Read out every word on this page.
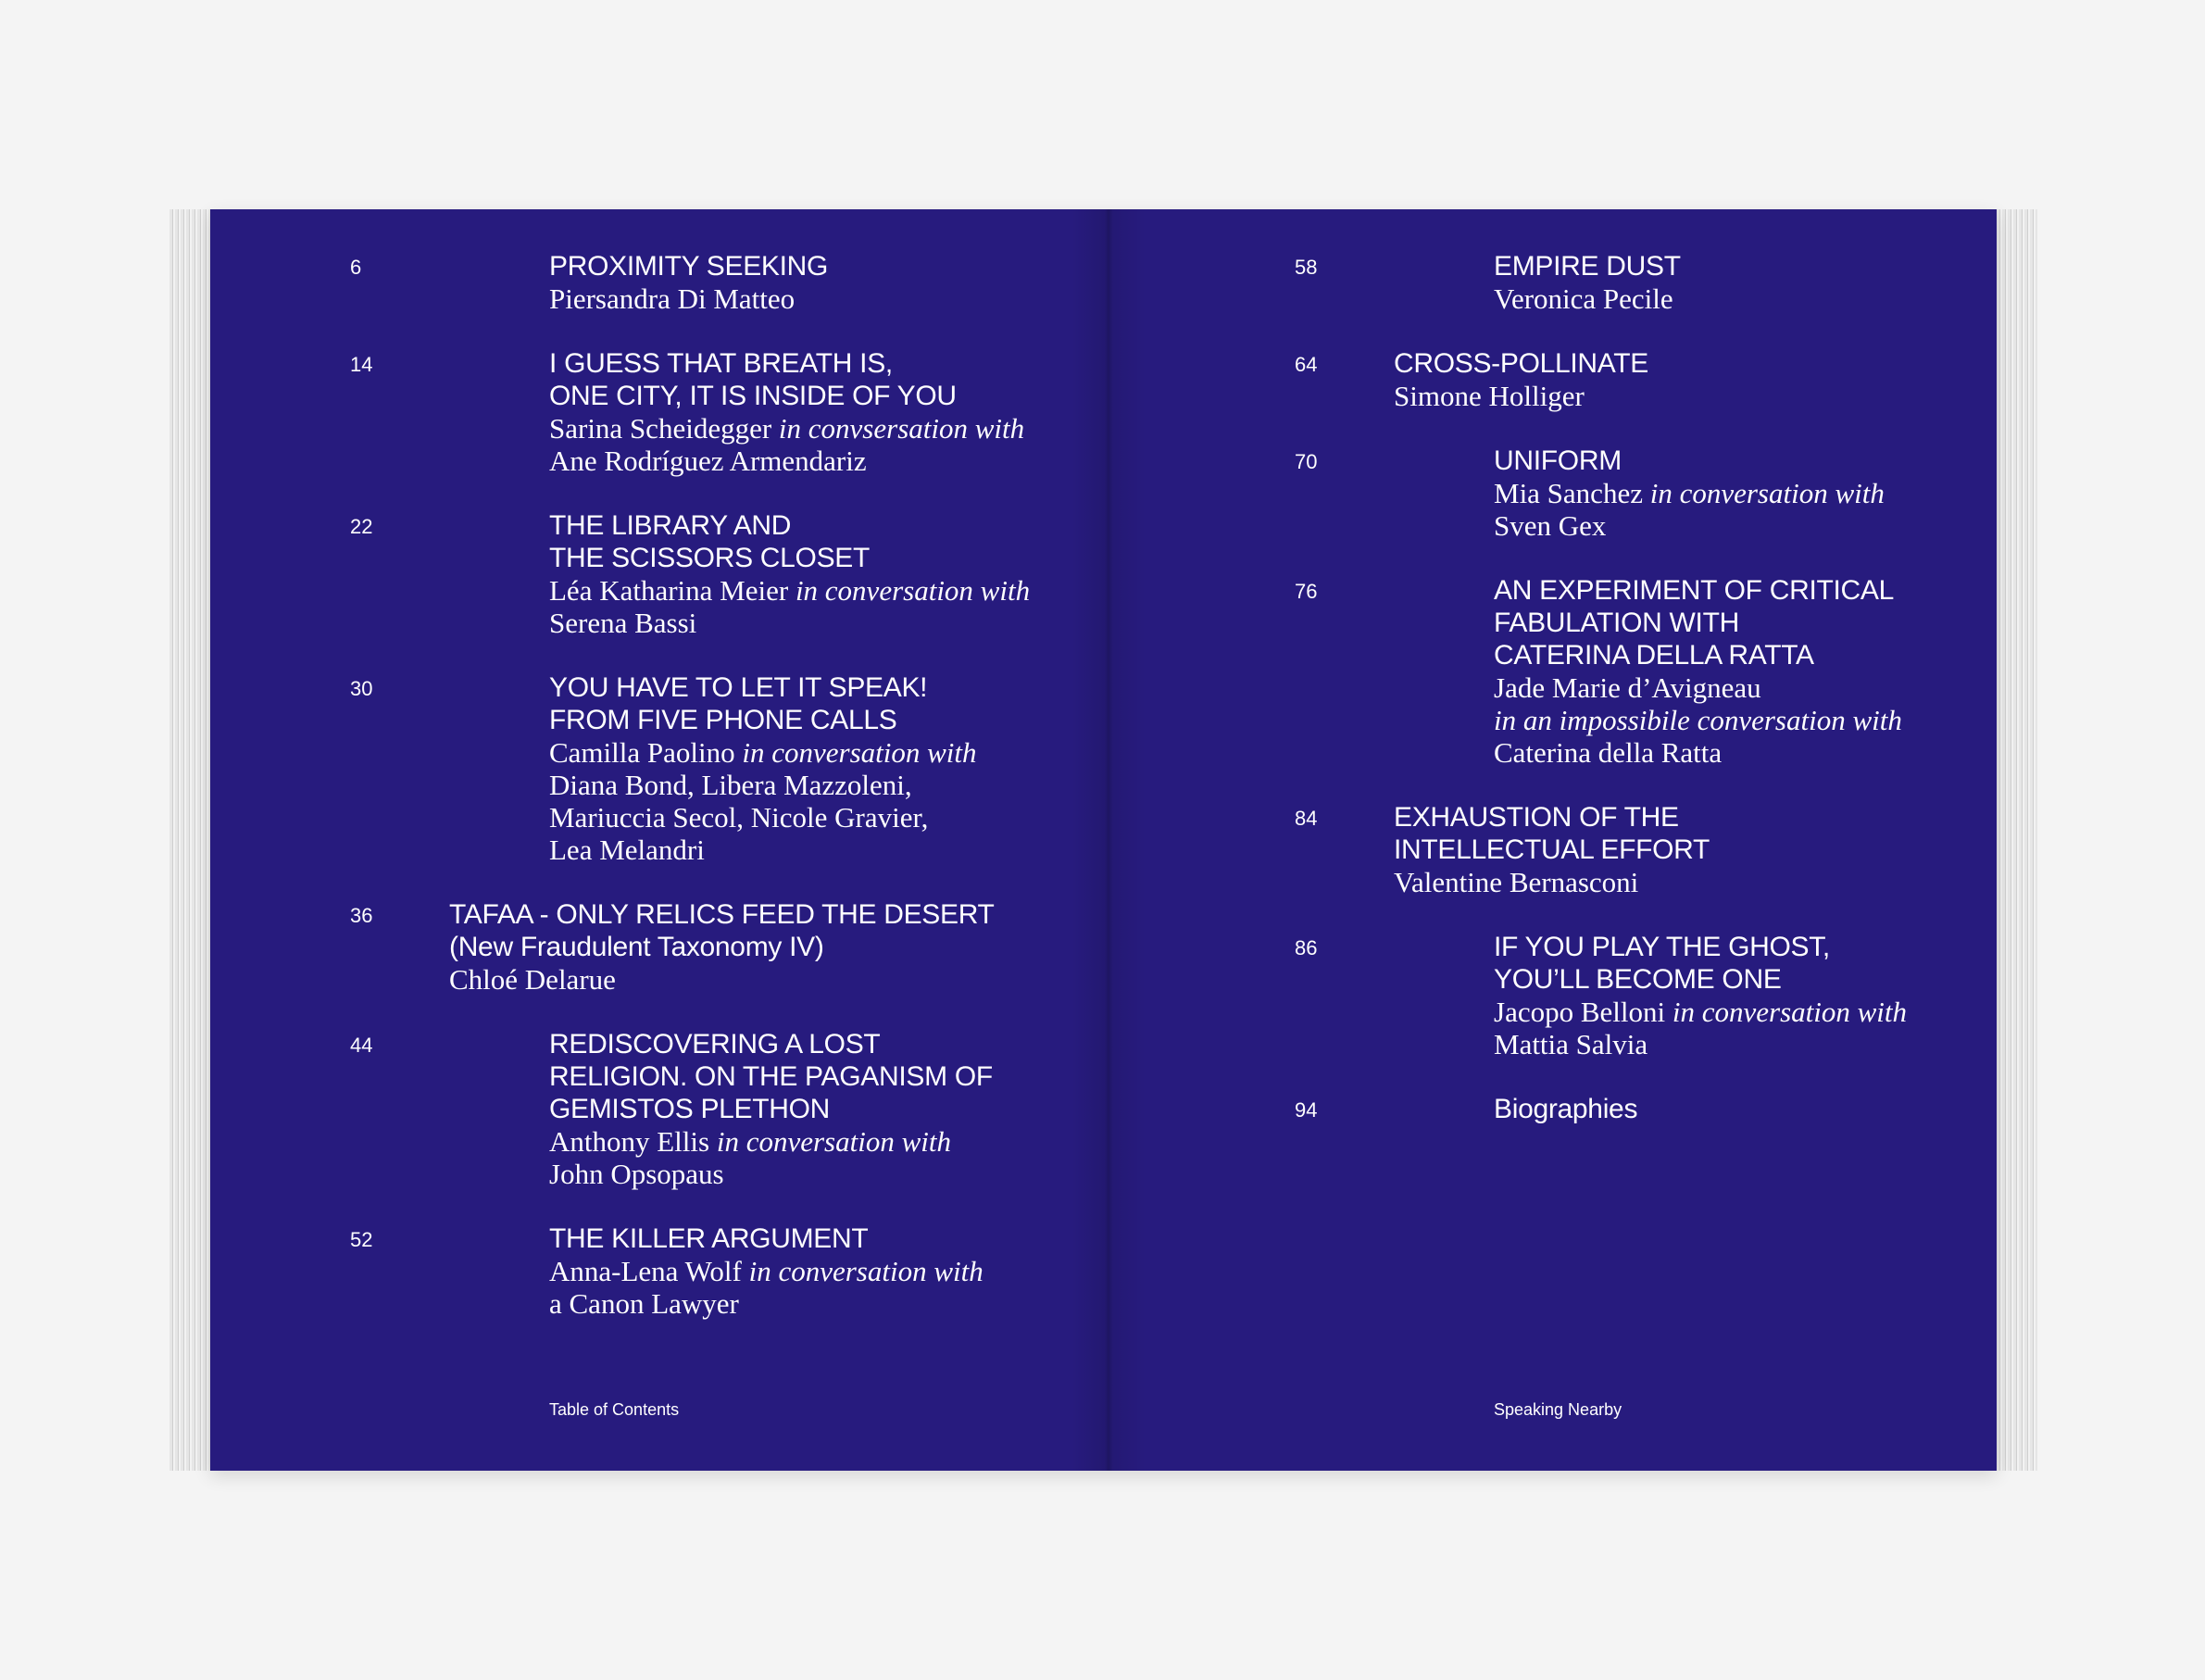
6	PROXIMITY SEEKING
Piersandra Di Matteo
14	I GUESS THAT BREATH IS,
ONE CITY, IT IS INSIDE OF YOU
Sarina Scheidegger in convsersation with
Ane Rodríguez Armendariz
22	THE LIBRARY AND
THE SCISSORS CLOSET
Léa Katharina Meier in conversation with
Serena Bassi
30	YOU HAVE TO LET IT SPEAK!
FROM FIVE PHONE CALLS
Camilla Paolino in conversation with
Diana Bond, Libera Mazzoleni,
Mariuccia Secol, Nicole Gravier,
Lea Melandri
36	TAFAA - ONLY RELICS FEED THE DESERT
(New Fraudulent Taxonomy IV)
Chloé Delarue
44	REDISCOVERING A LOST
RELIGION. ON THE PAGANISM OF
GEMISTOS PLETHON
Anthony Ellis in conversation with
John Opsopaus
52	THE KILLER ARGUMENT
Anna-Lena Wolf in conversation with
a Canon Lawyer
Table of Contents
58	EMPIRE DUST
Veronica Pecile
64	CROSS-POLLINATE
Simone Holliger
70	UNIFORM
Mia Sanchez in conversation with
Sven Gex
76	AN EXPERIMENT OF CRITICAL
FABULATION WITH
CATERINA DELLA RATTA
Jade Marie d’Avigneau
in an impossibile conversation with
Caterina della Ratta
84	EXHAUSTION OF THE
INTELLECTUAL EFFORT
Valentine Bernasconi
86	IF YOU PLAY THE GHOST,
YOU’LL BECOME ONE
Jacopo Belloni in conversation with
Mattia Salvia
94	Biographies
Speaking Nearby
